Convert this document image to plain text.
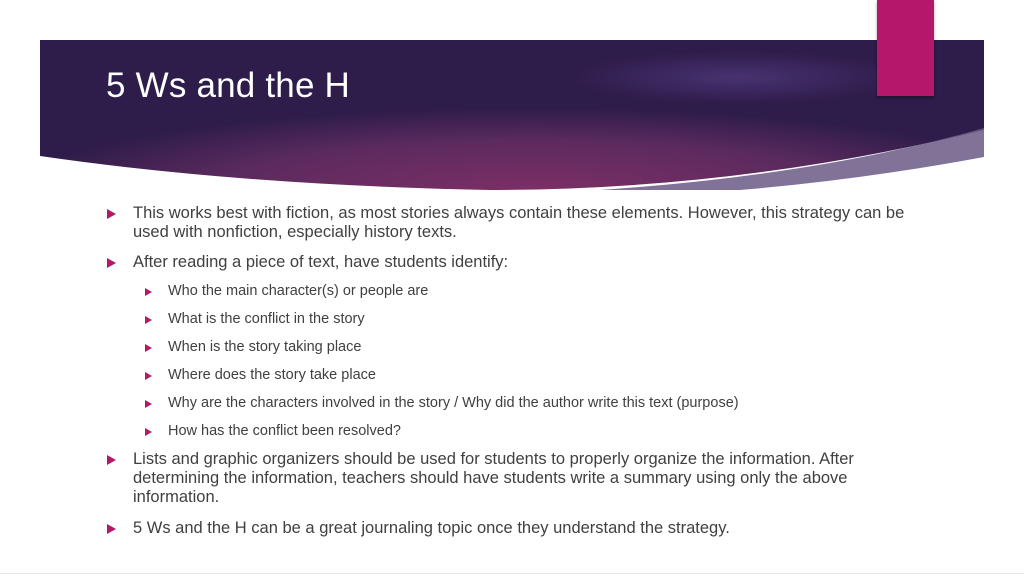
5 Ws and the H
This works best with fiction, as most stories always contain these elements. However, this strategy can be used with nonfiction, especially history texts.
After reading a piece of text, have students identify:
Who the main character(s) or people are
What is the conflict in the story
When is the story taking place
Where does the story take place
Why are the characters involved in the story / Why did the author write this text (purpose)
How has the conflict been resolved?
Lists and graphic organizers should be used for students to properly organize the information. After determining the information, teachers should have students write a summary using only the above information.
5 Ws and the H can be a great journaling topic once they understand the strategy.
